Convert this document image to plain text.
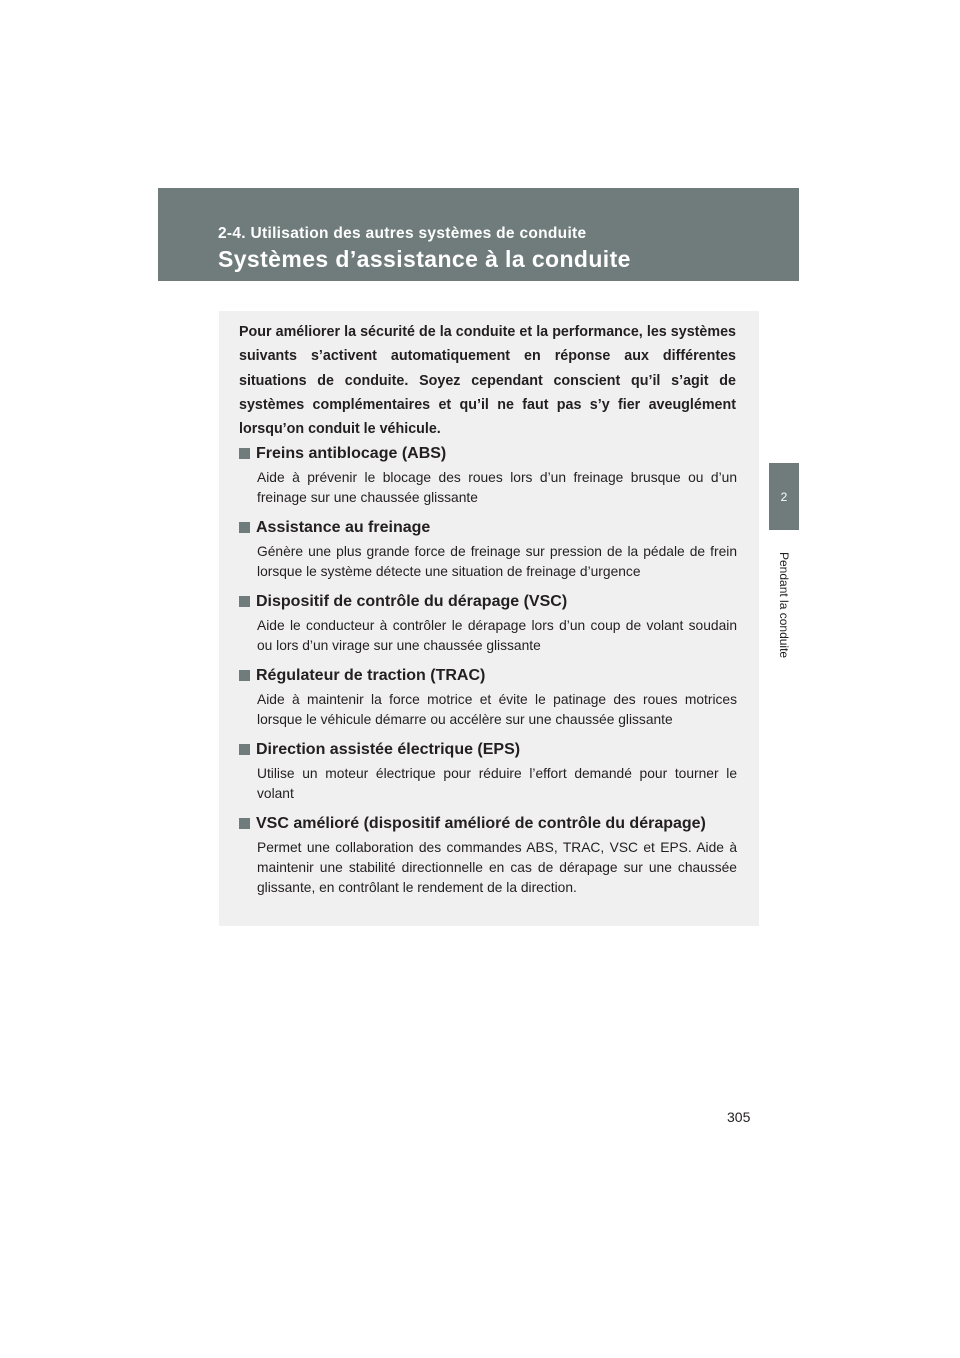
2-4. Utilisation des autres systèmes de conduite
Systèmes d’assistance à la conduite
2
Pendant la conduite

Pour améliorer la sécurité de la conduite et la performance, les systèmes suivants s’activent automatiquement en réponse aux différentes situations de conduite. Soyez cependant conscient qu’il s’agit de systèmes complémentaires et qu’il ne faut pas s’y fier aveuglément lorsqu’on conduit le véhicule.

Freins antiblocage (ABS)

Aide à prévenir le blocage des roues lors d’un freinage brusque ou d’un freinage sur une chaussée glissante

Assistance au freinage

Génère une plus grande force de freinage sur pression de la pédale de frein lorsque le système détecte une situation de freinage d’urgence

Dispositif de contrôle du dérapage (VSC)

Aide le conducteur à contrôler le dérapage lors d’un coup de volant soudain ou lors d’un virage sur une chaussée glissante

Régulateur de traction (TRAC)

Aide à maintenir la force motrice et évite le patinage des roues motrices lorsque le véhicule démarre ou accélère sur une chaussée glissante

Direction assistée électrique (EPS)

Utilise un moteur électrique pour réduire l’effort demandé pour tourner le volant

VSC amélioré (dispositif amélioré de contrôle du dérapage)

Permet une collaboration des commandes ABS, TRAC, VSC et EPS. Aide à maintenir une stabilité directionnelle en cas de dérapage sur une chaussée glissante, en contrôlant le rendement de la direction.

305
